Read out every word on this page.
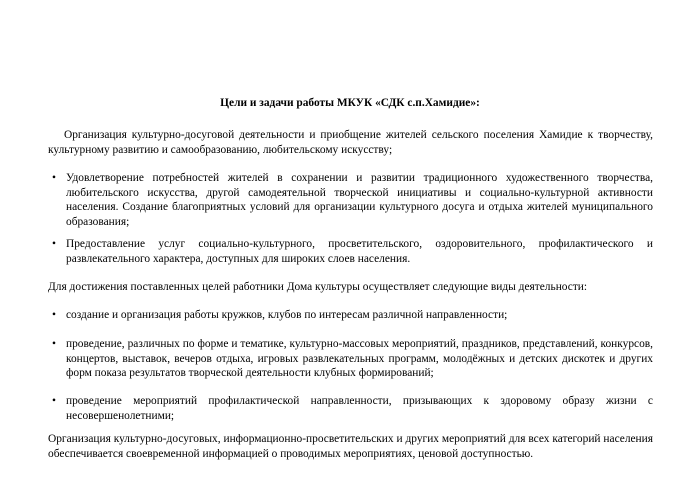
Цели и задачи работы МКУК «СДК с.п.Хамидие»:
Организация культурно-досуговой деятельности и приобщение жителей сельского поселения Хамидие к творчеству, культурному развитию и самообразованию, любительскому искусству;
• Удовлетворение потребностей жителей в сохранении и развитии традиционного художественного творчества, любительского искусства, другой самодеятельной творческой инициативы и социально-культурной активности населения. Создание благоприятных условий для организации культурного досуга и отдыха жителей муниципального образования;
• Предоставление услуг социально-культурного, просветительского, оздоровительного, профилактического и развлекательного характера, доступных для широких слоев населения.
Для достижения поставленных целей работники Дома культуры осуществляет следующие виды деятельности:
• создание и организация работы кружков, клубов по интересам различной направленности;
• проведение, различных по форме и тематике, культурно-массовых мероприятий, праздников, представлений, конкурсов, концертов, выставок, вечеров отдыха, игровых развлекательных программ, молодёжных и детских дискотек и других форм показа результатов творческой деятельности клубных формирований;
• проведение мероприятий профилактической направленности, призывающих к здоровому образу жизни с несовершенолетними;
Организация культурно-досуговых, информационно-просветительских и других мероприятий для всех категорий населения обеспечивается своевременной информацией о проводимых мероприятиях, ценовой доступностью.
